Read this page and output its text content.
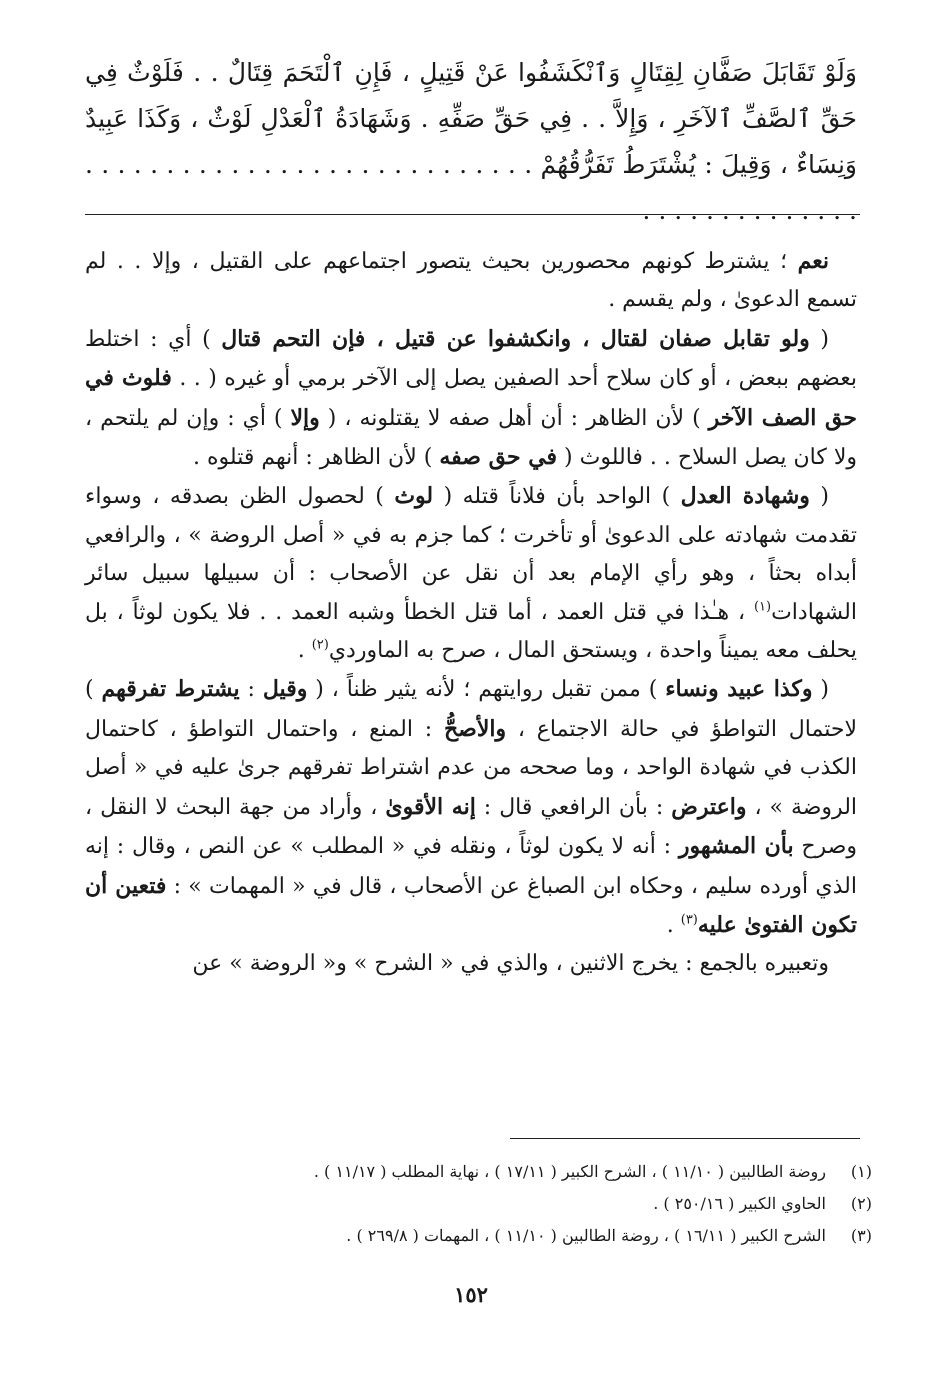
وَلَوْ تَقَابَلَ صَفَّانِ لِقِتَالٍ وَٱنْكَشَفُوا عَنْ قَتِيلٍ ، فَإِنِ ٱلْتَحَمَ قِتَالٌ . . فَلَوْثٌ فِي حَقِّ ٱلصَّفِّ ٱلآخَرِ ، وَإِلاَّ . . فِي حَقِّ صَفِّهِ . وَشَهَادَةُ ٱلْعَدْلِ لَوْثٌ ، وَكَذَا عَبِيدٌ وَنِسَاءٌ ، وَقِيلَ : يُشْتَرَطُ تَفَرُّقُهُمْ . . . . . . . . . . . . . . . . . . . . . . . . . . . . . . . . . . . . . . . . . .

نعم ؛ يشترط كونهم محصورين بحيث يتصور اجتماعهم على القتيل ، وإلا . . لم تسمع الدعوىٰ ، ولم يقسم .

( ولو تقابل صفان لقتال ، وانكشفوا عن قتيل ، فإن التحم قتال ) أي : اختلط بعضهم ببعض ، أو كان سلاح أحد الصفين يصل إلى الآخر برمي أو غيره ( . . فلوث في حق الصف الآخر ) لأن الظاهر : أن أهل صفه لا يقتلونه ، ( وإلا ) أي : وإن لم يلتحم ، ولا كان يصل السلاح . . فاللوث ( في حق صفه ) لأن الظاهر : أنهم قتلوه .

( وشهادة العدل ) الواحد بأن فلاناً قتله ( لوث ) لحصول الظن بصدقه ، وسواء تقدمت شهادته على الدعوىٰ أو تأخرت ؛ كما جزم به في « أصل الروضة » ، والرافعي أبداه بحثاً ، وهو رأي الإمام بعد أن نقل عن الأصحاب : أن سبيلها سبيل سائر الشهادات$^{(١)}$ ، هـٰذا في قتل العمد ، أما قتل الخطأ وشبه العمد . . فلا يكون لوثاً ، بل يحلف معه يميناً واحدة ، ويستحق المال ، صرح به الماوردي$^{(٢)}$ .

( وكذا عبيد ونساء ) ممن تقبل روايتهم ؛ لأنه يثير ظناً ، ( وقيل : يشترط تفرقهم ) لاحتمال التواطؤ في حالة الاجتماع ، والأصحُّ : المنع ، واحتمال التواطؤ ، كاحتمال الكذب في شهادة الواحد ، وما صححه من عدم اشتراط تفرقهم جرىٰ عليه في « أصل الروضة » ، واعترض : بأن الرافعي قال : إنه الأقوىٰ ، وأراد من جهة البحث لا النقل ، وصرح بأن المشهور : أنه لا يكون لوثاً ، ونقله في « المطلب » عن النص ، وقال : إنه الذي أورده سليم ، وحكاه ابن الصباغ عن الأصحاب ، قال في « المهمات » : فتعين أن تكون الفتوىٰ عليه$^{(٣)}$ .

وتعبيره بالجمع : يخرج الاثنين ، والذي في « الشرح » و« الروضة » عن

(١)
روضة الطالبين ( ١١/١٠ ) ، الشرح الكبير ( ١٧/١١ ) ، نهاية المطلب ( ١١/١٧ ) .
(٢)
الحاوي الكبير ( ٢٥٠/١٦ ) .
(٣)
الشرح الكبير ( ١٦/١١ ) ، روضة الطالبين ( ١١/١٠ ) ، المهمات ( ٢٦٩/٨ ) .
١٥٢
